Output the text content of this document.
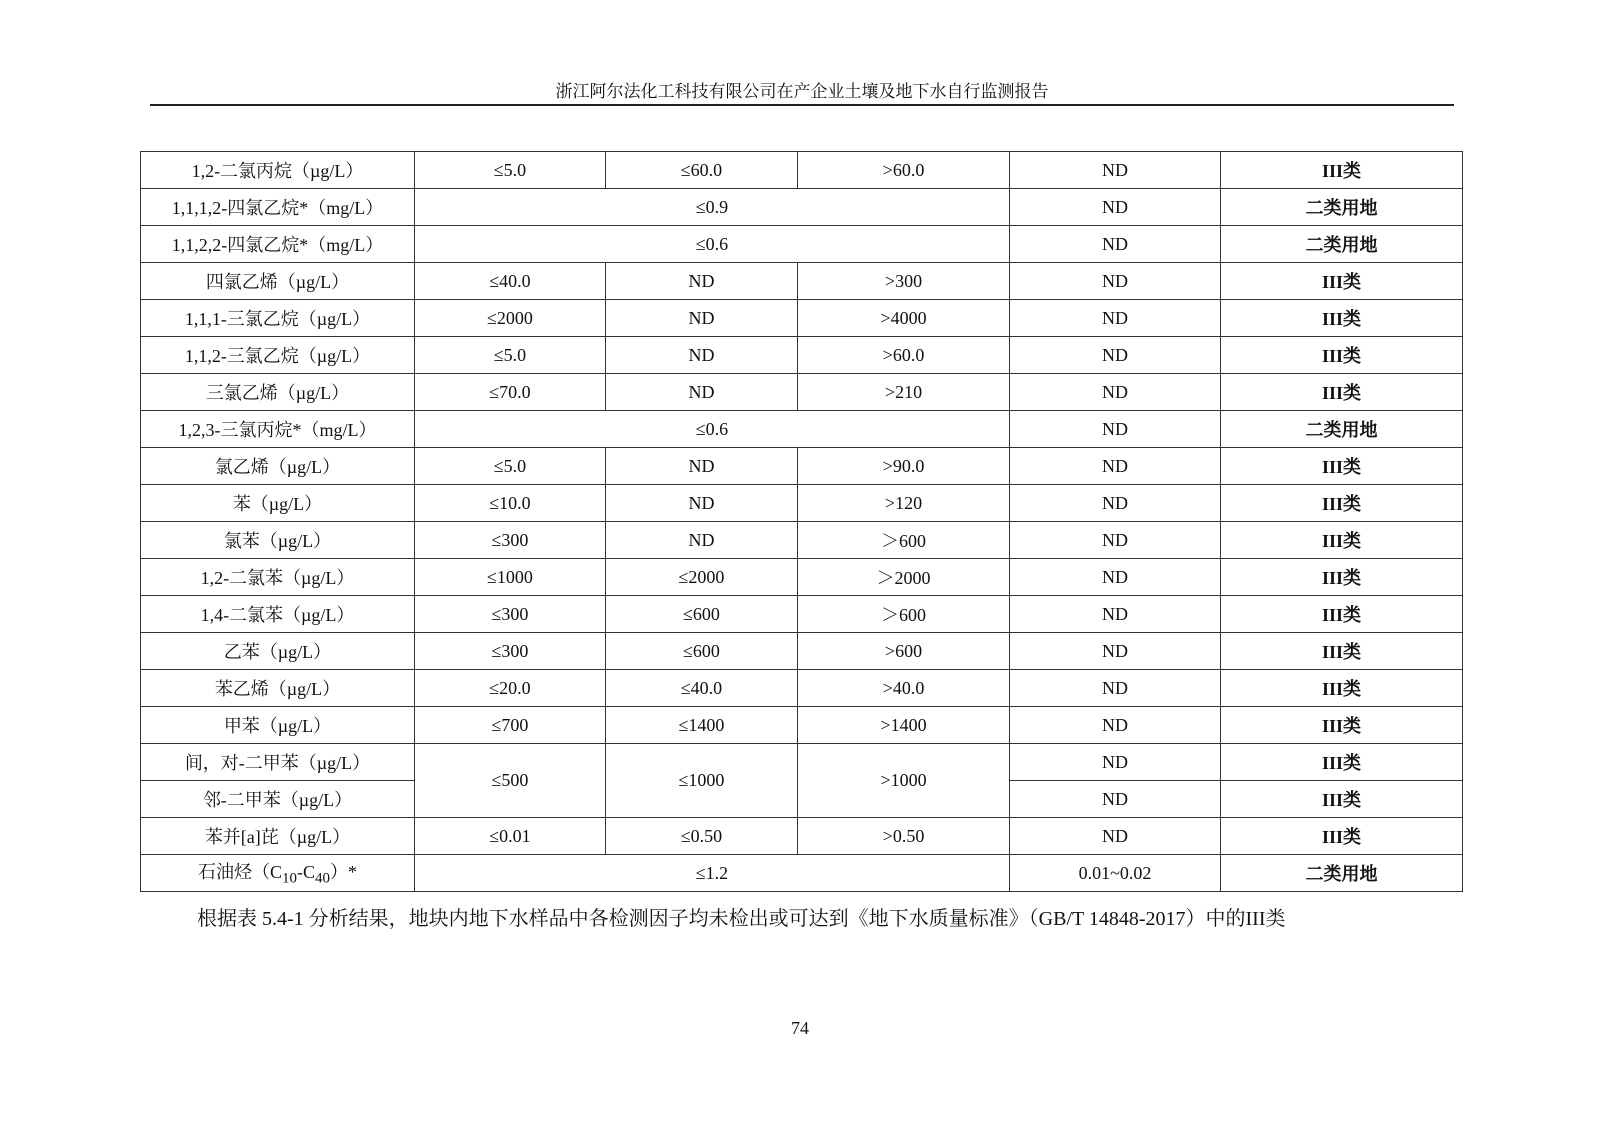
浙江阿尔法化工科技有限公司在产企业土壤及地下水自行监测报告
1,2-二氯丙烷（µg/L）	≤5.0	≤60.0	>60.0	ND	III类
1,1,1,2-四氯乙烷*（mg/L）	≤0.9			ND	二类用地
1,1,2,2-四氯乙烷*（mg/L）	≤0.6			ND	二类用地
四氯乙烯（µg/L）	≤40.0	ND	>300	ND	III类
1,1,1-三氯乙烷（µg/L）	≤2000	ND	>4000	ND	III类
1,1,2-三氯乙烷（µg/L）	≤5.0	ND	>60.0	ND	III类
三氯乙烯（µg/L）	≤70.0	ND	>210	ND	III类
1,2,3-三氯丙烷*（mg/L）	≤0.6			ND	二类用地
氯乙烯（µg/L）	≤5.0	ND	>90.0	ND	III类
苯（µg/L）	≤10.0	ND	>120	ND	III类
氯苯（µg/L）	≤300	ND	＞600	ND	III类
1,2-二氯苯（µg/L）	≤1000	≤2000	＞2000	ND	III类
1,4-二氯苯（µg/L）	≤300	≤600	＞600	ND	III类
乙苯（µg/L）	≤300	≤600	>600	ND	III类
苯乙烯（µg/L）	≤20.0	≤40.0	>40.0	ND	III类
甲苯（µg/L）	≤700	≤1400	>1400	ND	III类
间，对-二甲苯（µg/L）	≤500	≤1000	>1000	ND	III类
邻-二甲苯（µg/L）				ND	III类
苯并[a]芘（µg/L）	≤0.01	≤0.50	>0.50	ND	III类
石油烃$(C_{10}-C_{40})*$	≤1.2			0.01~0.02	二类用地
根据表 5.4-1 分析结果，地块内地下水样品中各检测因子均未检出或可达到《地下水质量标准》（GB/T 14848-2017）中的III类
74
